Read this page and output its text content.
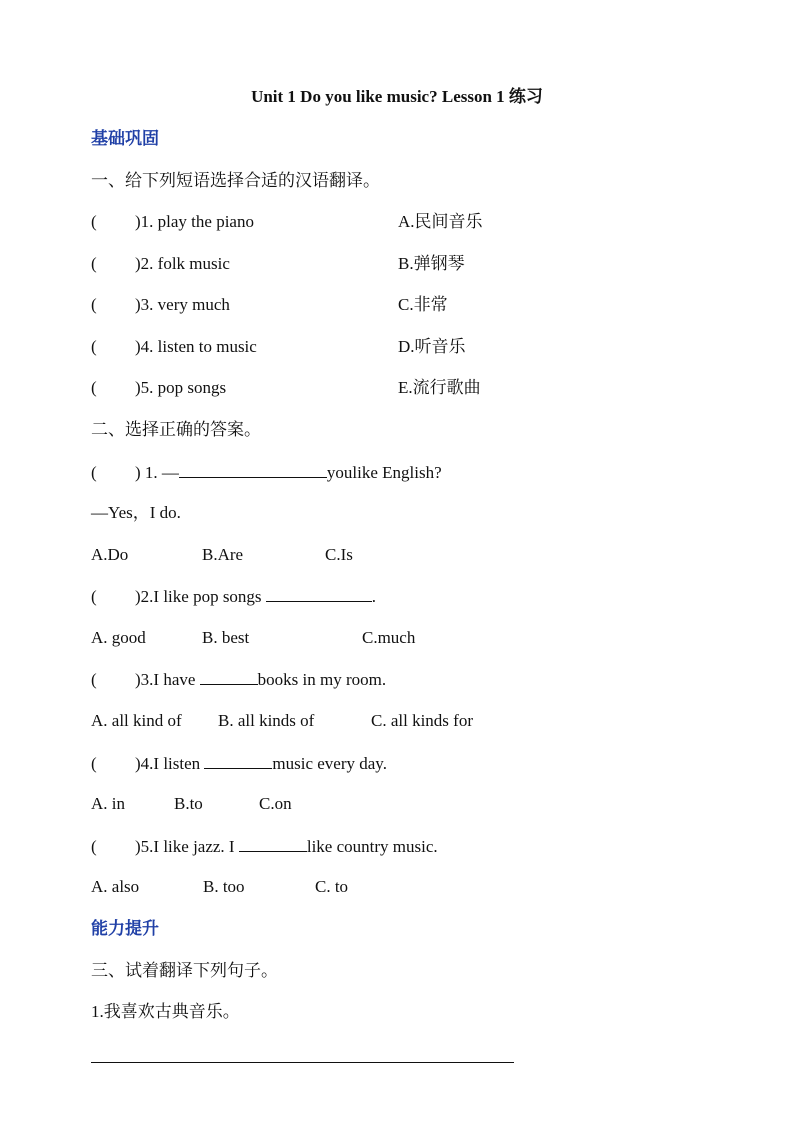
Unit 1 Do you like music? Lesson 1 练习
基础巩固
一、给下列短语选择合适的汉语翻译。
( )1. play the piano	A.民间音乐
( )2. folk music	B.弹钢琴
( )3. very much	C.非常
( )4. listen to music	D.听音乐
( )5. pop songs	E.流行歌曲
二、选择正确的答案。
( ) 1. —	youlike English?
—Yes，I do.
A.Do	B.Are	C.Is
( )2.I like pop songs	.
A. good	B. best	C.much
( )3.I have	books in my room.
A. all kind of B. all kinds of	C. all kinds for
( )4.I listen	music every day.
A. in	B.to	C.on
( )5.I like jazz. I	like country music.
A. also	B. too	C. to
能力提升
三、试着翻译下列句子。
1.我喜欢古典音乐。
